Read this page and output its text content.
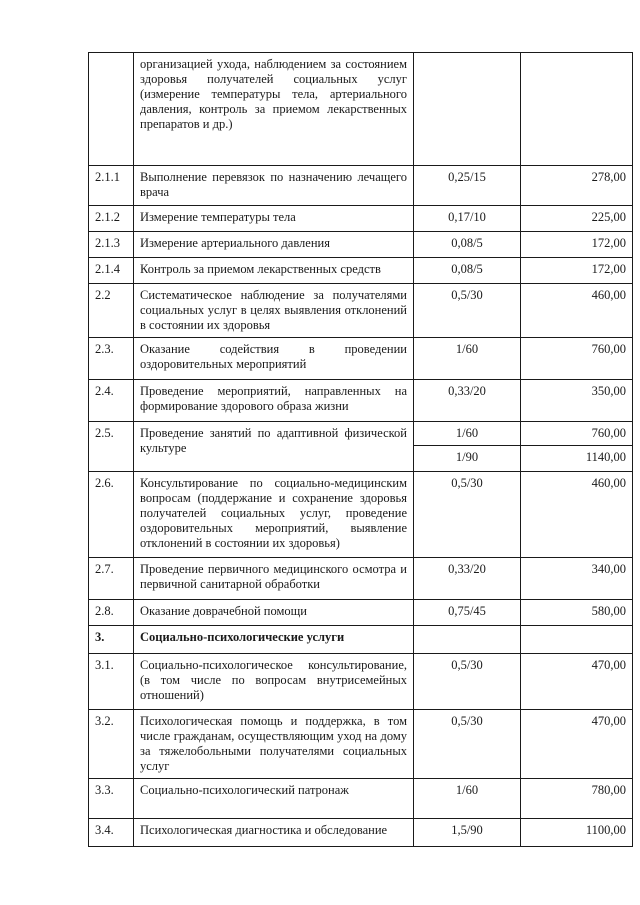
	организацией ухода, наблюдением за состоянием здоровья получателей социальных услуг (измерение температуры тела, артериального давления, контроль за приемом лекарственных препаратов и др.)		
2.1.1	Выполнение перевязок по назначению лечащего врача	0,25/15	278,00
2.1.2	Измерение температуры тела	0,17/10	225,00
2.1.3	Измерение артериального давления	0,08/5	172,00
2.1.4	Контроль за приемом лекарственных средств	0,08/5	172,00
2.2	Систематическое наблюдение за получателями социальных услуг в целях выявления отклонений в состоянии их здоровья	0,5/30	460,00
2.3.	Оказание содействия в проведении оздоровительных мероприятий	1/60	760,00
2.4.	Проведение мероприятий, направленных на формирование здорового образа жизни	0,33/20	350,00
2.5.	Проведение занятий по адаптивной физической культуре	1/60	760,00
		1/90	1140,00
2.6.	Консультирование по социально-медицинским вопросам (поддержание и сохранение здоровья получателей социальных услуг, проведение оздоровительных мероприятий, выявление отклонений в состоянии их здоровья)	0,5/30	460,00
2.7.	Проведение первичного медицинского осмотра и первичной санитарной обработки	0,33/20	340,00
2.8.	Оказание доврачебной помощи	0,75/45	580,00
3.	Социально-психологические услуги		
3.1.	Социально-психологическое консультирование, (в том числе по вопросам внутрисемейных отношений)	0,5/30	470,00
3.2.	Психологическая помощь и поддержка, в том числе гражданам, осуществляющим уход на дому за тяжелобольными получателями социальных услуг	0,5/30	470,00
3.3.	Социально-психологический патронаж	1/60	780,00
3.4.	Психологическая диагностика и обследование	1,5/90	1100,00
